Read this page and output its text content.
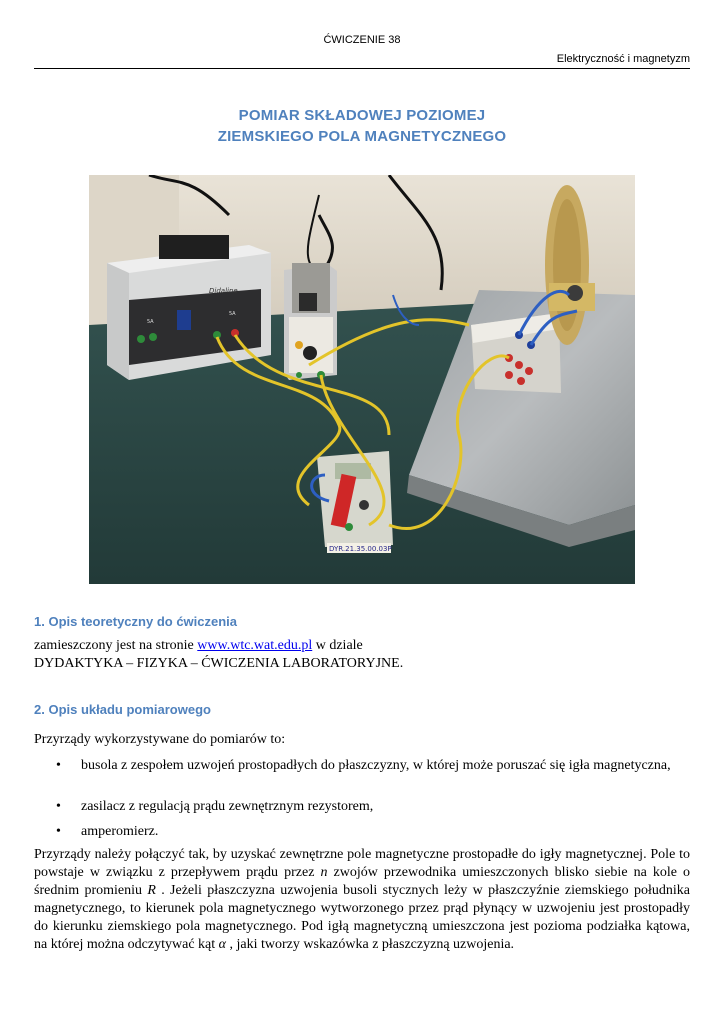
ĆWICZENIE 38
Elektryczność i magnetyzm
POMIAR SKŁADOWEJ POZIOMEJ
ZIEMSKIEGO POLA MAGNETYCZNEGO
Didaline
5A
5A
DYR.21.35.00.03P
1. Opis teoretyczny do ćwiczenia
zamieszczony jest na stronie www.wtc.wat.edu.pl w dziale
DYDAKTYKA – FIZYKA – ĆWICZENIA LABORATORYJNE.
2. Opis układu pomiarowego
Przyrządy wykorzystywane do pomiarów to:
• busola z zespołem uzwojeń prostopadłych do płaszczyzny, w której może poruszać się igła magnetyczna,
• zasilacz z regulacją prądu zewnętrznym rezystorem,
• amperomierz.

Przyrządy należy połączyć tak, by uzyskać zewnętrzne pole magnetyczne prostopadłe do igły magnetycznej. Pole to powstaje w związku z przepływem prądu przez n zwojów przewodnika umieszczonych blisko siebie na kole o średnim promieniu R . Jeżeli płaszczyzna uzwojenia busoli stycznych leży w płaszczyźnie ziemskiego południka magnetycznego, to kierunek pola magnetycznego wytworzonego przez prąd płynący w uzwojeniu jest prostopadły do kierunku ziemskiego pola magnetycznego. Pod igłą magnetyczną umieszczona jest pozioma podziałka kątowa, na której można odczytywać kąt α , jaki tworzy wskazówka z płaszczyzną uzwojenia.
